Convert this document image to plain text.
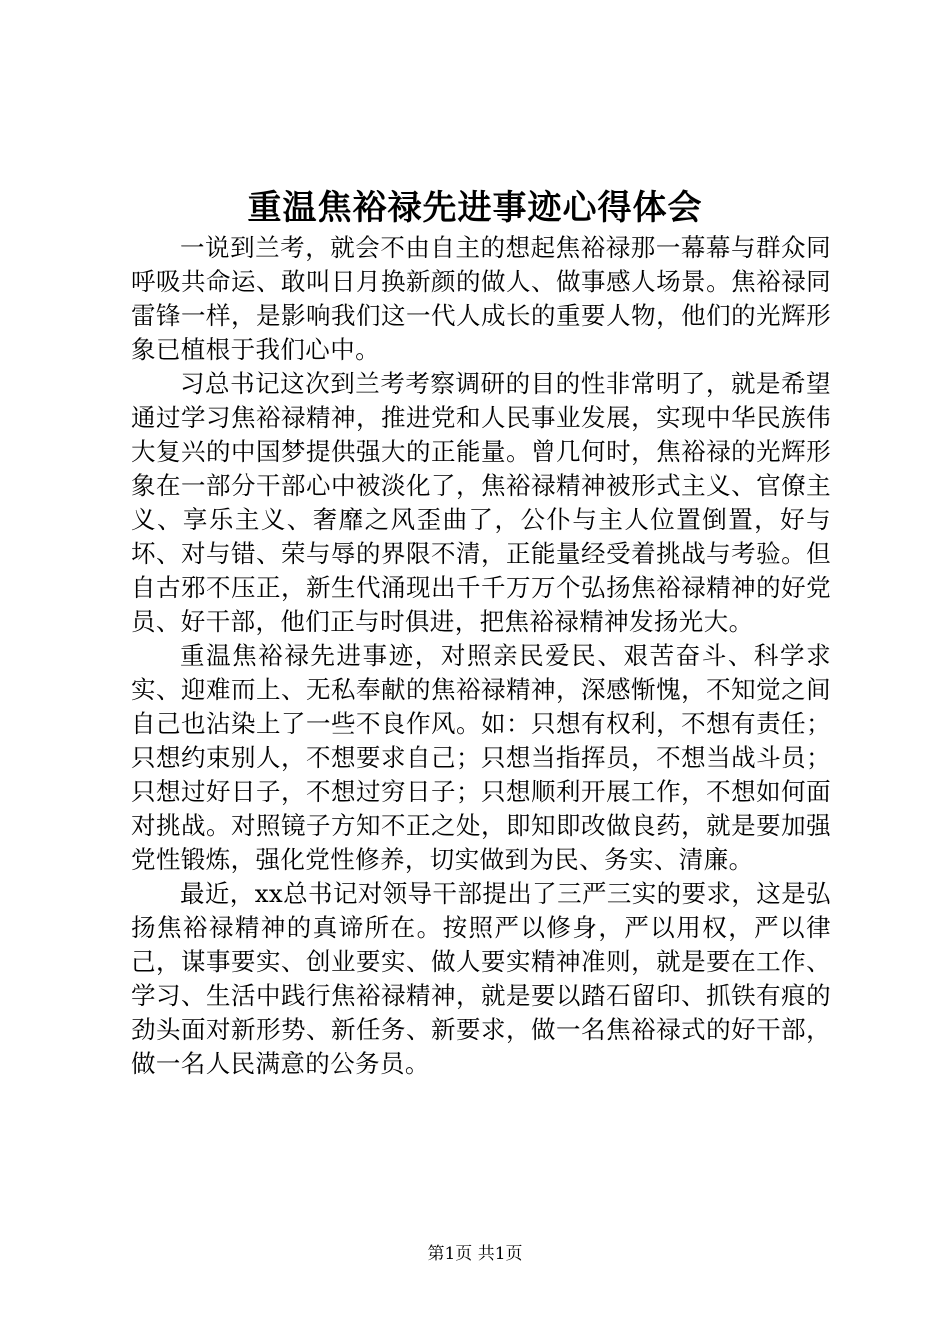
重温焦裕禄先进事迹心得体会

一说到兰考，就会不由自主的想起焦裕禄那一幕幕与群众同呼吸共命运、敢叫日月换新颜的做人、做事感人场景。焦裕禄同雷锋一样，是影响我们这一代人成长的重要人物，他们的光辉形象已植根于我们心中。

习总书记这次到兰考考察调研的目的性非常明了，就是希望通过学习焦裕禄精神，推进党和人民事业发展，实现中华民族伟大复兴的中国梦提供强大的正能量。曾几何时，焦裕禄的光辉形象在一部分干部心中被淡化了，焦裕禄精神被形式主义、官僚主义、享乐主义、奢靡之风歪曲了，公仆与主人位置倒置，好与坏、对与错、荣与辱的界限不清，正能量经受着挑战与考验。但自古邪不压正，新生代涌现出千千万万个弘扬焦裕禄精神的好党员、好干部，他们正与时俱进，把焦裕禄精神发扬光大。

重温焦裕禄先进事迹，对照亲民爱民、艰苦奋斗、科学求实、迎难而上、无私奉献的焦裕禄精神，深感惭愧，不知觉之间自己也沾染上了一些不良作风。如：只想有权利，不想有责任；只想约束别人，不想要求自己；只想当指挥员，不想当战斗员；只想过好日子，不想过穷日子；只想顺利开展工作，不想如何面对挑战。对照镜子方知不正之处，即知即改做良药，就是要加强党性锻炼，强化党性修养，切实做到为民、务实、清廉。

最近，xx总书记对领导干部提出了三严三实的要求，这是弘扬焦裕禄精神的真谛所在。按照严以修身，严以用权，严以律己，谋事要实、创业要实、做人要实精神准则，就是要在工作、学习、生活中践行焦裕禄精神，就是要以踏石留印、抓铁有痕的劲头面对新形势、新任务、新要求，做一名焦裕禄式的好干部，做一名人民满意的公务员。

第1页 共1页
